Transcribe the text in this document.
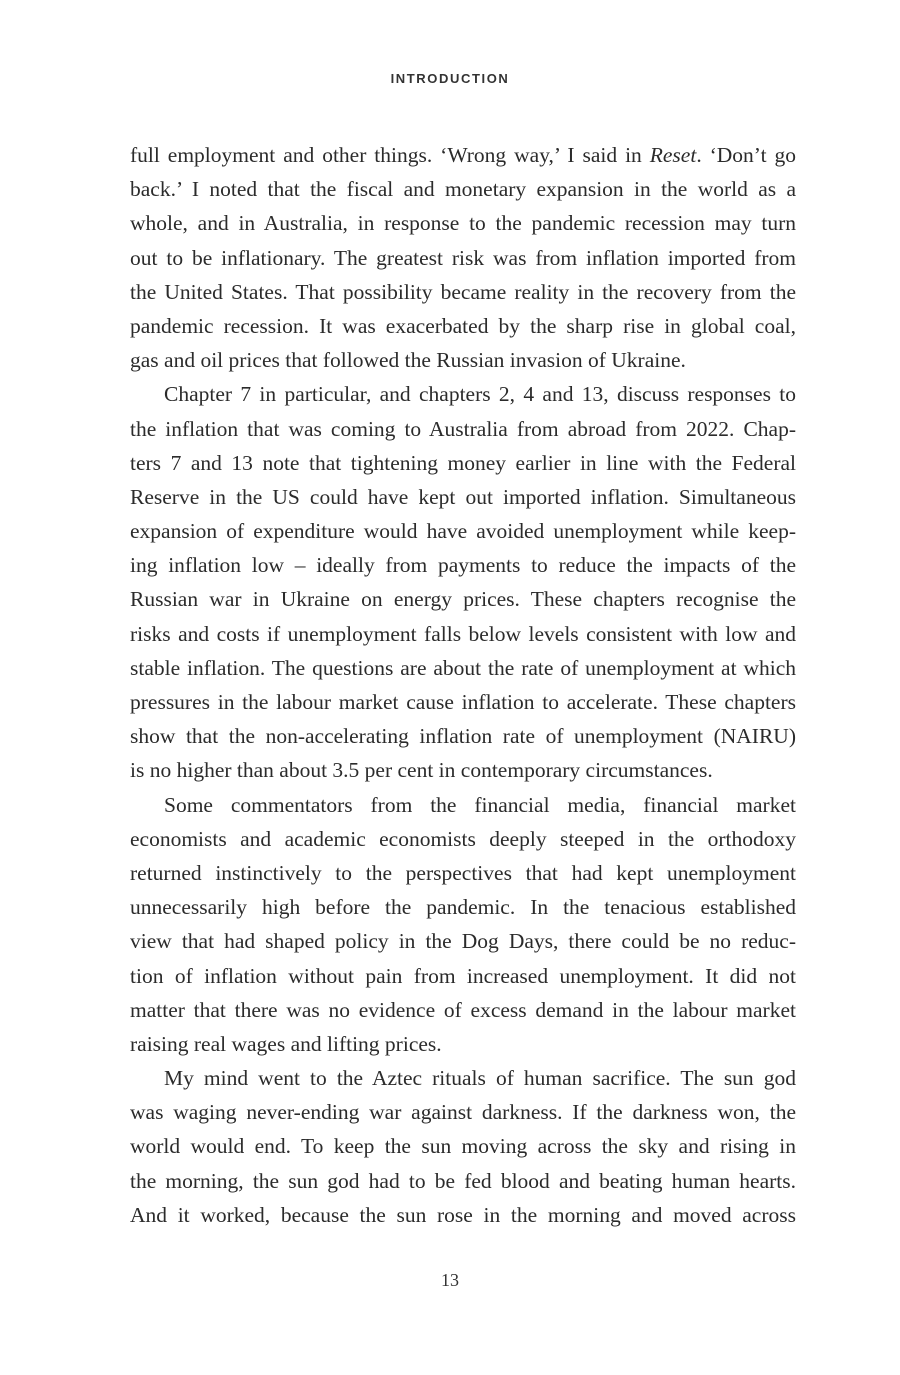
INTRODUCTION
full employment and other things. ‘Wrong way,’ I said in Reset. ‘Don’t go
back.’ I noted that the fiscal and monetary expansion in the world as a
whole, and in Australia, in response to the pandemic recession may turn
out to be inflationary. The greatest risk was from inflation imported from
the United States. That possibility became reality in the recovery from the
pandemic recession. It was exacerbated by the sharp rise in global coal,
gas and oil prices that followed the Russian invasion of Ukraine.
Chapter 7 in particular, and chapters 2, 4 and 13, discuss responses to
the inflation that was coming to Australia from abroad from 2022. Chap-
ters 7 and 13 note that tightening money earlier in line with the Federal
Reserve in the US could have kept out imported inflation. Simultaneous
expansion of expenditure would have avoided unemployment while keep-
ing inflation low – ideally from payments to reduce the impacts of the
Russian war in Ukraine on energy prices. These chapters recognise the
risks and costs if unemployment falls below levels consistent with low and
stable inflation. The questions are about the rate of unemployment at which
pressures in the labour market cause inflation to accelerate. These chapters
show that the non-accelerating inflation rate of unemployment (NAIRU)
is no higher than about 3.5 per cent in contemporary circumstances.
Some commentators from the financial media, financial market
economists and academic economists deeply steeped in the orthodoxy
returned instinctively to the perspectives that had kept unemployment
unnecessarily high before the pandemic. In the tenacious established
view that had shaped policy in the Dog Days, there could be no reduc-
tion of inflation without pain from increased unemployment. It did not
matter that there was no evidence of excess demand in the labour market
raising real wages and lifting prices.
My mind went to the Aztec rituals of human sacrifice. The sun god
was waging never-ending war against darkness. If the darkness won, the
world would end. To keep the sun moving across the sky and rising in
the morning, the sun god had to be fed blood and beating human hearts.
And it worked, because the sun rose in the morning and moved across
13
